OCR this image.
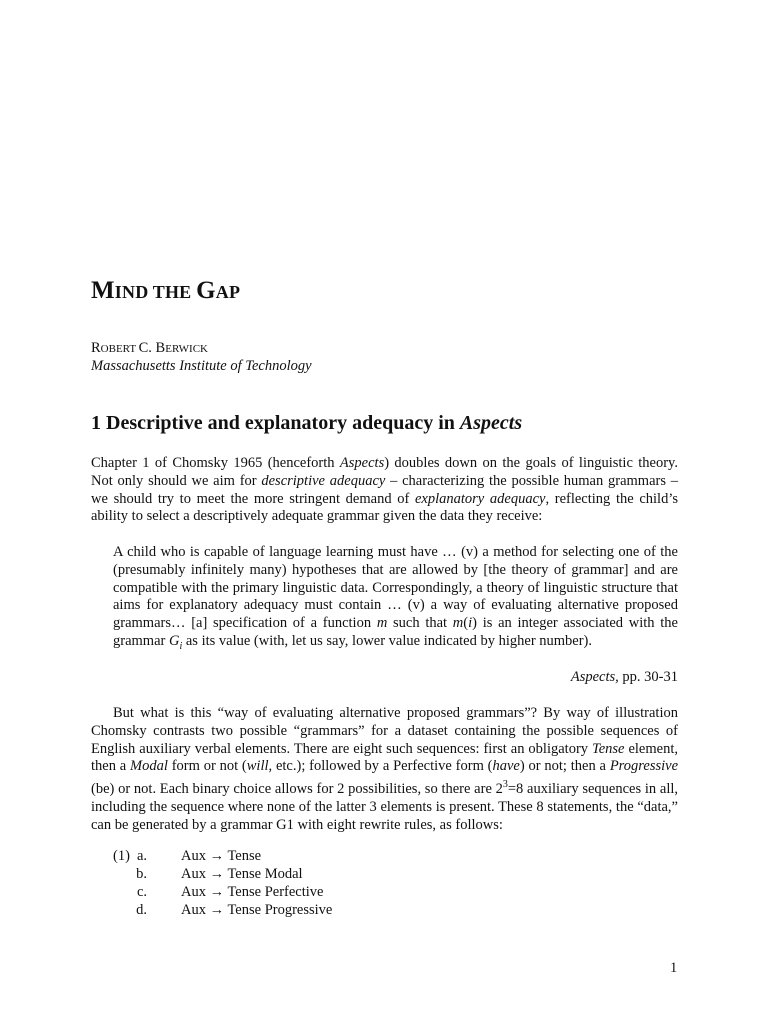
MIND THE GAP
ROBERT C. BERWICK
Massachusetts Institute of Technology
1 Descriptive and explanatory adequacy in Aspects
Chapter 1 of Chomsky 1965 (henceforth Aspects) doubles down on the goals of linguistic theory. Not only should we aim for descriptive adequacy – characterizing the possible human grammars – we should try to meet the more stringent demand of explanatory adequacy, reflecting the child’s ability to select a descriptively adequate grammar given the data they receive:
A child who is capable of language learning must have … (v) a method for selecting one of the (presumably infinitely many) hypotheses that are allowed by [the theory of grammar] and are compatible with the primary linguistic data. Correspondingly, a theory of linguistic structure that aims for explanatory adequacy must contain … (v) a way of evaluating alternative proposed grammars… [a] specification of a function m such that m(i) is an integer associated with the grammar $G_i$ as its value (with, let us say, lower value indicated by higher number).
Aspects, pp. 30-31
But what is this “way of evaluating alternative proposed grammars”? By way of illustration Chomsky contrasts two possible “grammars” for a dataset containing the possible sequences of English auxiliary verbal elements. There are eight such sequences: first an obligatory Tense element, then a Modal form or not (will, etc.); followed by a Perfective form (have) or not; then a Progressive (be) or not. Each binary choice allows for 2 possibilities, so there are $2^3=8$ auxiliary sequences in all, including the sequence where none of the latter 3 elements is present. These 8 statements, the “data,” can be generated by a grammar G1 with eight rewrite rules, as follows:
(1) a. Aux → Tense
b. Aux → Tense Modal
c. Aux → Tense Perfective
d. Aux → Tense Progressive
1
